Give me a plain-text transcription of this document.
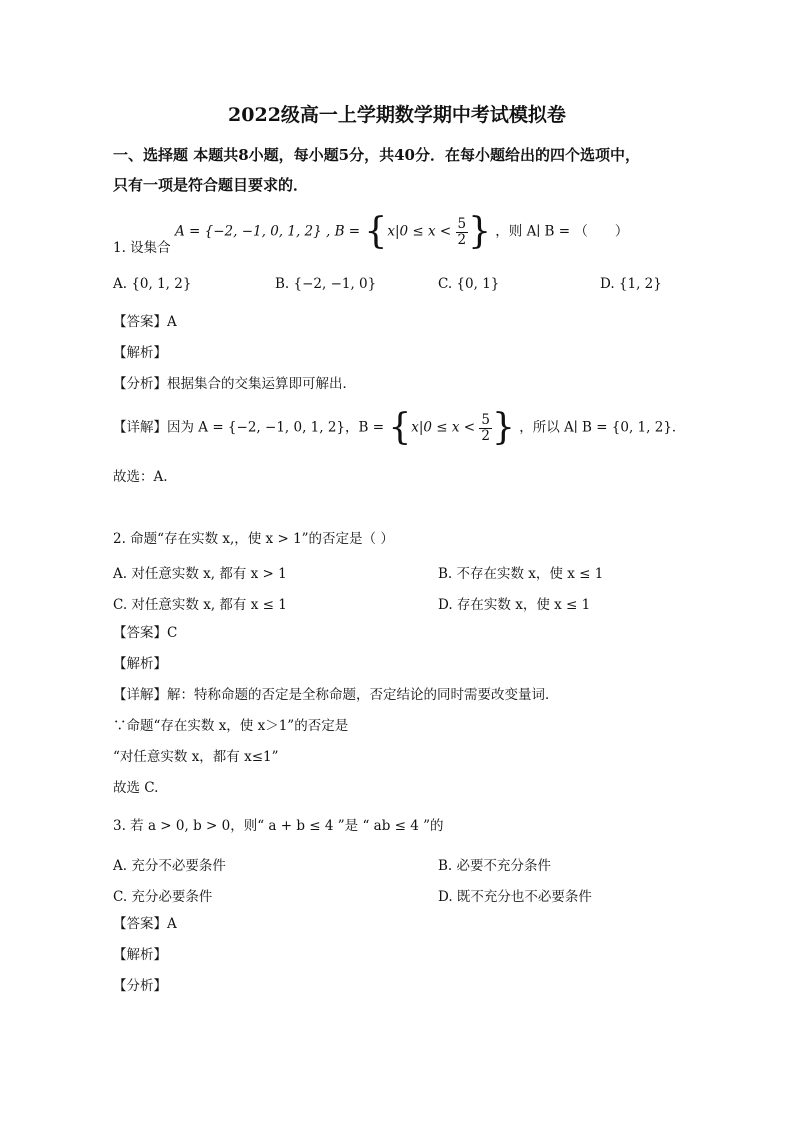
2022级高一上学期数学期中考试模拟卷
一、选择题 本题共8小题，每小题5分，共40分．在每小题给出的四个选项中，
只有一项是符合题目要求的．
A = {−2, −1, 0, 1, 2} , $B = \{x|0 \le x < \frac{5}{2}$ } ，则 A∣ B = （　　）
1. 设集合
A. {0, 1, 2}	B. {−2, −1, 0}	C. {0, 1}	D. {1, 2}
【答案】A
【解析】
【分析】根据集合的交集运算即可解出．
【详解】因为 A = {−2, −1, 0, 1, 2}，$B = \{x|0 \le x < \frac{5}{2}$ } ，所以 A∣ B = {0, 1, 2}．
故选：A.
2. 命题“存在实数 x,，使 x > 1”的否定是（ ）
A. 对任意实数 x, 都有 x > 1	B. 不存在实数 x，使 x ≤ 1
C. 对任意实数 x, 都有 x ≤ 1	D. 存在实数 x，使 x ≤ 1
【答案】C
【解析】
【详解】解：特称命题的否定是全称命题，否定结论的同时需要改变量词．
∵命题“存在实数 x，使 x＞1”的否定是
“对任意实数 x，都有 x≤1”
故选 C.
3. 若 a > 0, b > 0，则“ a + b ≤ 4 ”是 “ ab ≤ 4 ”的
A. 充分不必要条件	B. 必要不充分条件
C. 充分必要条件	D. 既不充分也不必要条件
【答案】A
【解析】
【分析】
